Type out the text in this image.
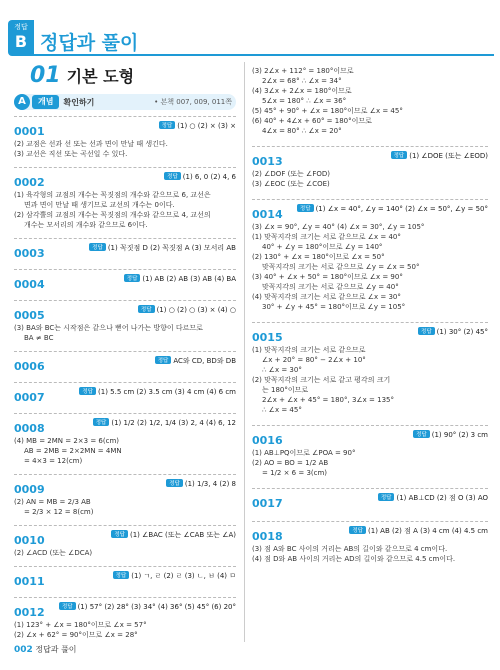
정답
B 정답과 풀이
01 기본 도형
A	개념	확인하기	• 본책 007, 009, 011쪽
0001	정답 (1) ○ (2) × (3) ×
(2) 교점은 선과 선 또는 선과 면이 만날 때 생긴다.
(3) 교선은 직선 또는 곡선일 수 있다.
0002	정답 (1) 6, 0 (2) 4, 6
(1) 육각형의 교점의 개수는 꼭짓점의 개수와 같으므로 6, 교선은
면과 면이 만날 때 생기므로 교선의 개수는 0이다.
(2) 삼각뿔의 교점의 개수는 꼭짓점의 개수와 같으므로 4, 교선의
개수는 모서리의 개수와 같으므로 6이다.
0003	정답 (1) 꼭짓점 D (2) 꼭짓점 A (3) 모서리 AB
0004	정답 (1) AB (2) AB (3) AB (4) BA
0005	정답 (1) ○ (2) ○ (3) × (4) ○
(3) BA와 BC는 시작점은 같으나 뻗어 나가는 방향이 다르므로
BA ≠ BC
0006	정답 AC와 CD, BD와 DB
0007	정답 (1) 5.5 cm (2) 3.5 cm (3) 4 cm (4) 6 cm
0008	정답 (1) 1/2 (2) 1/2, 1/4 (3) 2, 4 (4) 6, 12
(4) MB = 2MN = 2×3 = 6(cm)
AB = 2MB = 2×2MN = 4MN
= 4×3 = 12(cm)
0009	정답 (1) 1/3, 4 (2) 8
(2) AN = MB = 2/3 AB
= 2/3 × 12 = 8(cm)
0010	정답 (1) ∠BAC (또는 ∠CAB 또는 ∠A)
(2) ∠ACD (또는 ∠DCA)
0011	정답 (1) ㄱ, ㄹ (2) ㄹ (3) ㄴ, ㅂ (4) ㅁ
0012	정답 (1) 57° (2) 28° (3) 34° (4) 36° (5) 45° (6) 20°
(1) 123° + ∠x = 180°이므로 ∠x = 57°
(2) ∠x + 62° = 90°이므로 ∠x = 28°
(3) 2∠x + 112° = 180°이므로
2∠x = 68° ∴ ∠x = 34°
(4) 3∠x + 2∠x = 180°이므로
5∠x = 180° ∴ ∠x = 36°
(5) 45° + 90° + ∠x = 180°이므로 ∠x = 45°
(6) 40° + 4∠x + 60° = 180°이므로
4∠x = 80° ∴ ∠x = 20°
0013	정답 (1) ∠DOE (또는 ∠EOD)
(2) ∠DOF (또는 ∠FOD)
(3) ∠EOC (또는 ∠COE)
0014	정답 (1) ∠x = 40°, ∠y = 140° (2) ∠x = 50°, ∠y = 50°
(3) ∠x = 90°, ∠y = 40° (4) ∠x = 30°, ∠y = 105°
(1) 맞꼭지각의 크기는 서로 같으므로 ∠x = 40°
40° + ∠y = 180°이므로 ∠y = 140°
(2) 130° + ∠x = 180°이므로 ∠x = 50°
맞꼭지각의 크기는 서로 같으므로 ∠y = ∠x = 50°
(3) 40° + ∠x + 50° = 180°이므로 ∠x = 90°
맞꼭지각의 크기는 서로 같으므로 ∠y = 40°
(4) 맞꼭지각의 크기는 서로 같으므로 ∠x = 30°
30° + ∠y + 45° = 180°이므로 ∠y = 105°
0015	정답 (1) 30° (2) 45°
(1) 맞꼭지각의 크기는 서로 같으므로
∠x + 20° = 80° − 2∠x + 10°
∴ ∠x = 30°
(2) 맞꼭지각의 크기는 서로 같고 평각의 크기
는 180°이므로
2∠x + ∠x + 45° = 180°, 3∠x = 135°
∴ ∠x = 45°
0016	정답 (1) 90° (2) 3 cm
(1) AB⊥PQ이므로 ∠POA = 90°
(2) AO = BO = 1/2 AB
= 1/2 × 6 = 3(cm)
0017	정답 (1) AB⊥CD (2) 점 O (3) AO
0018	정답 (1) AB (2) 점 A (3) 4 cm (4) 4.5 cm
(3) 점 A와 BC 사이의 거리는 AB의 길이와 같으므로 4 cm이다.
(4) 점 D와 AB 사이의 거리는 AD의 길이와 같으므로 4.5 cm이다.
002 정답과 풀이
